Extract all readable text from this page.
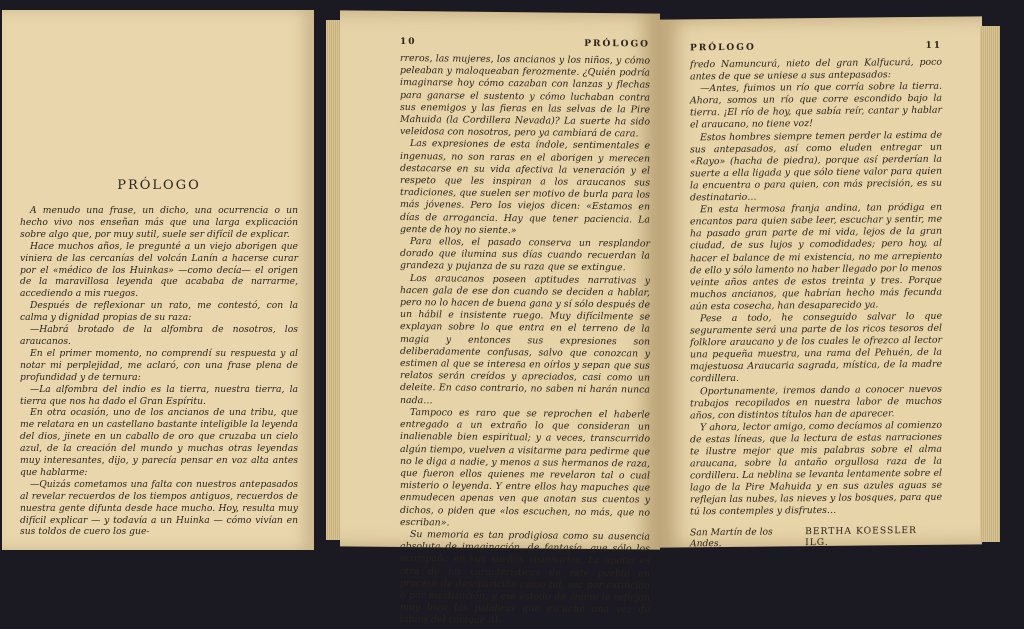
PRÓLOGO

A menudo una frase, un dicho, una ocurrencia o un hecho vivo nos enseñan más que una larga explicación sobre algo que, por muy sutil, suele ser difícil de explicar.

Hace muchos años, le pregunté a un viejo aborigen que viniera de las cercanías del volcán Lanín a hacerse curar por el «médico de los Huinkas» —como decía— el origen de la maravillosa leyenda que acababa de narrarme, accediendo a mis ruegos.

Después de reflexionar un rato, me contestó, con la calma y dignidad propias de su raza:

—Habrá brotado de la alfombra de nosotros, los araucanos.

En el primer momento, no comprendí su respuesta y al notar mi perplejidad, me aclaró, con una frase plena de profundidad y de ternura:

—La alfombra del indio es la tierra, nuestra tierra, la tierra que nos ha dado el Gran Espíritu.

En otra ocasión, uno de los ancianos de una tribu, que me relatara en un castellano bastante inteligible la leyenda del dios, jinete en un caballo de oro que cruzaba un cielo azul, de la creación del mundo y muchas otras leyendas muy interesantes, dijo, y parecía pensar en voz alta antes que hablarme:

—Quizás cometamos una falta con nuestros antepasados al revelar recuerdos de los tiempos antiguos, recuerdos de nuestra gente difunta desde hace mucho. Hoy, resulta muy difícil explicar — y todavía a un Huinka — cómo vivían en sus toldos de cuero los gue-

10	PRÓLOGO

rreros, las mujeres, los ancianos y los niños, y cómo peleaban y maloqueaban ferozmente. ¿Quién podría imaginarse hoy cómo cazaban con lanzas y flechas para ganarse el sustento y cómo luchaban contra sus enemigos y las fieras en las selvas de la Pire Mahuida (la Cordillera Nevada)? La suerte ha sido veleidosa con nosotros, pero ya cambiará de cara.

Las expresiones de esta índole, sentimentales e ingenuas, no son raras en el aborigen y merecen destacarse en su vida afectiva la veneración y el respeto que les inspiran a los araucanos sus tradiciones, que suelen ser motivo de burla para los más jóvenes. Pero los viejos dicen: «Estamos en días de arrogancia. Hay que tener paciencia. La gente de hoy no siente.»

Para ellos, el pasado conserva un resplandor dorado que ilumina sus días cuando recuerdan la grandeza y pujanza de su raza que se extingue.

Los araucanos poseen aptitudes narrativas y hacen gala de ese don cuando se deciden a hablar, pero no lo hacen de buena gana y sí sólo después de un hábil e insistente ruego. Muy difícilmente se explayan sobre lo que entra en el terreno de la magia y entonces sus expresiones son deliberadamente confusas, salvo que conozcan y estimen al que se interesa en oírlos y sepan que sus relatos serán creídos y apreciados, casi como un deleite. En caso contrario, no saben ni harán nunca nada…

Tampoco es raro que se reprochen el haberle entregado a un extraño lo que consideran un inalienable bien espiritual; y a veces, transcurrido algún tiempo, vuelven a visitarme para pedirme que no le diga a nadie, y menos a sus hermanos de raza, que fueron ellos quienes me revelaron tal o cual misterio o leyenda. Y entre ellos hay mapuches que enmudecen apenas ven que anotan sus cuentos y dichos, o piden que «los escuchen, no más, que no escriban».

Su memoria es tan prodigiosa como su ausencia absoluta de imaginación, de fantasía, que sólo los acompaña en sus sueños visionarios. La apatía es otra de las características de este pueblo en proceso de desaparición como tal, sea por extinción o por mestización, y ese estado de ánimo lo reflejan muy bien las palabras que escuché una vez de labios del cacique Al-

PRÓLOGO	11

fredo Namuncurá, nieto del gran Kalfucurá, poco antes de que se uniese a sus antepasados:

—Antes, fuimos un río que corría sobre la tierra. Ahora, somos un río que corre escondido bajo la tierra. ¡El río de hoy, que sabía reír, cantar y hablar el araucano, no tiene voz!

Estos hombres siempre temen perder la estima de sus antepasados, así como eluden entregar un «Rayo» (hacha de piedra), porque así perderían la suerte a ella ligada y que sólo tiene valor para quien la encuentra o para quien, con más precisión, es su destinatario…

En esta hermosa franja andina, tan pródiga en encantos para quien sabe leer, escuchar y sentir, me ha pasado gran parte de mi vida, lejos de la gran ciudad, de sus lujos y comodidades; pero hoy, al hacer el balance de mi existencia, no me arrepiento de ello y sólo lamento no haber llegado por lo menos veinte años antes de estos treinta y tres. Porque muchos ancianos, que habrían hecho más fecunda aún esta cosecha, han desaparecido ya.

Pese a todo, he conseguido salvar lo que seguramente será una parte de los ricos tesoros del folklore araucano y de los cuales le ofrezco al lector una pequeña muestra, una rama del Pehuén, de la majestuosa Araucaria sagrada, mística, de la madre cordillera.

Oportunamente, iremos dando a conocer nuevos trabajos recopilados en nuestra labor de muchos años, con distintos títulos han de aparecer.

Y ahora, lector amigo, como decíamos al comienzo de estas líneas, que la lectura de estas narraciones te ilustre mejor que mis palabras sobre el alma araucana, sobre la antaño orgullosa raza de la cordillera. La neblina se levanta lentamente sobre el lago de la Pire Mahuida y en sus azules aguas se reflejan las nubes, las nieves y los bosques, para que tú los contemples y disfrutes…

San Martín de los Andes.
BERTHA KOESSLER ILG.
